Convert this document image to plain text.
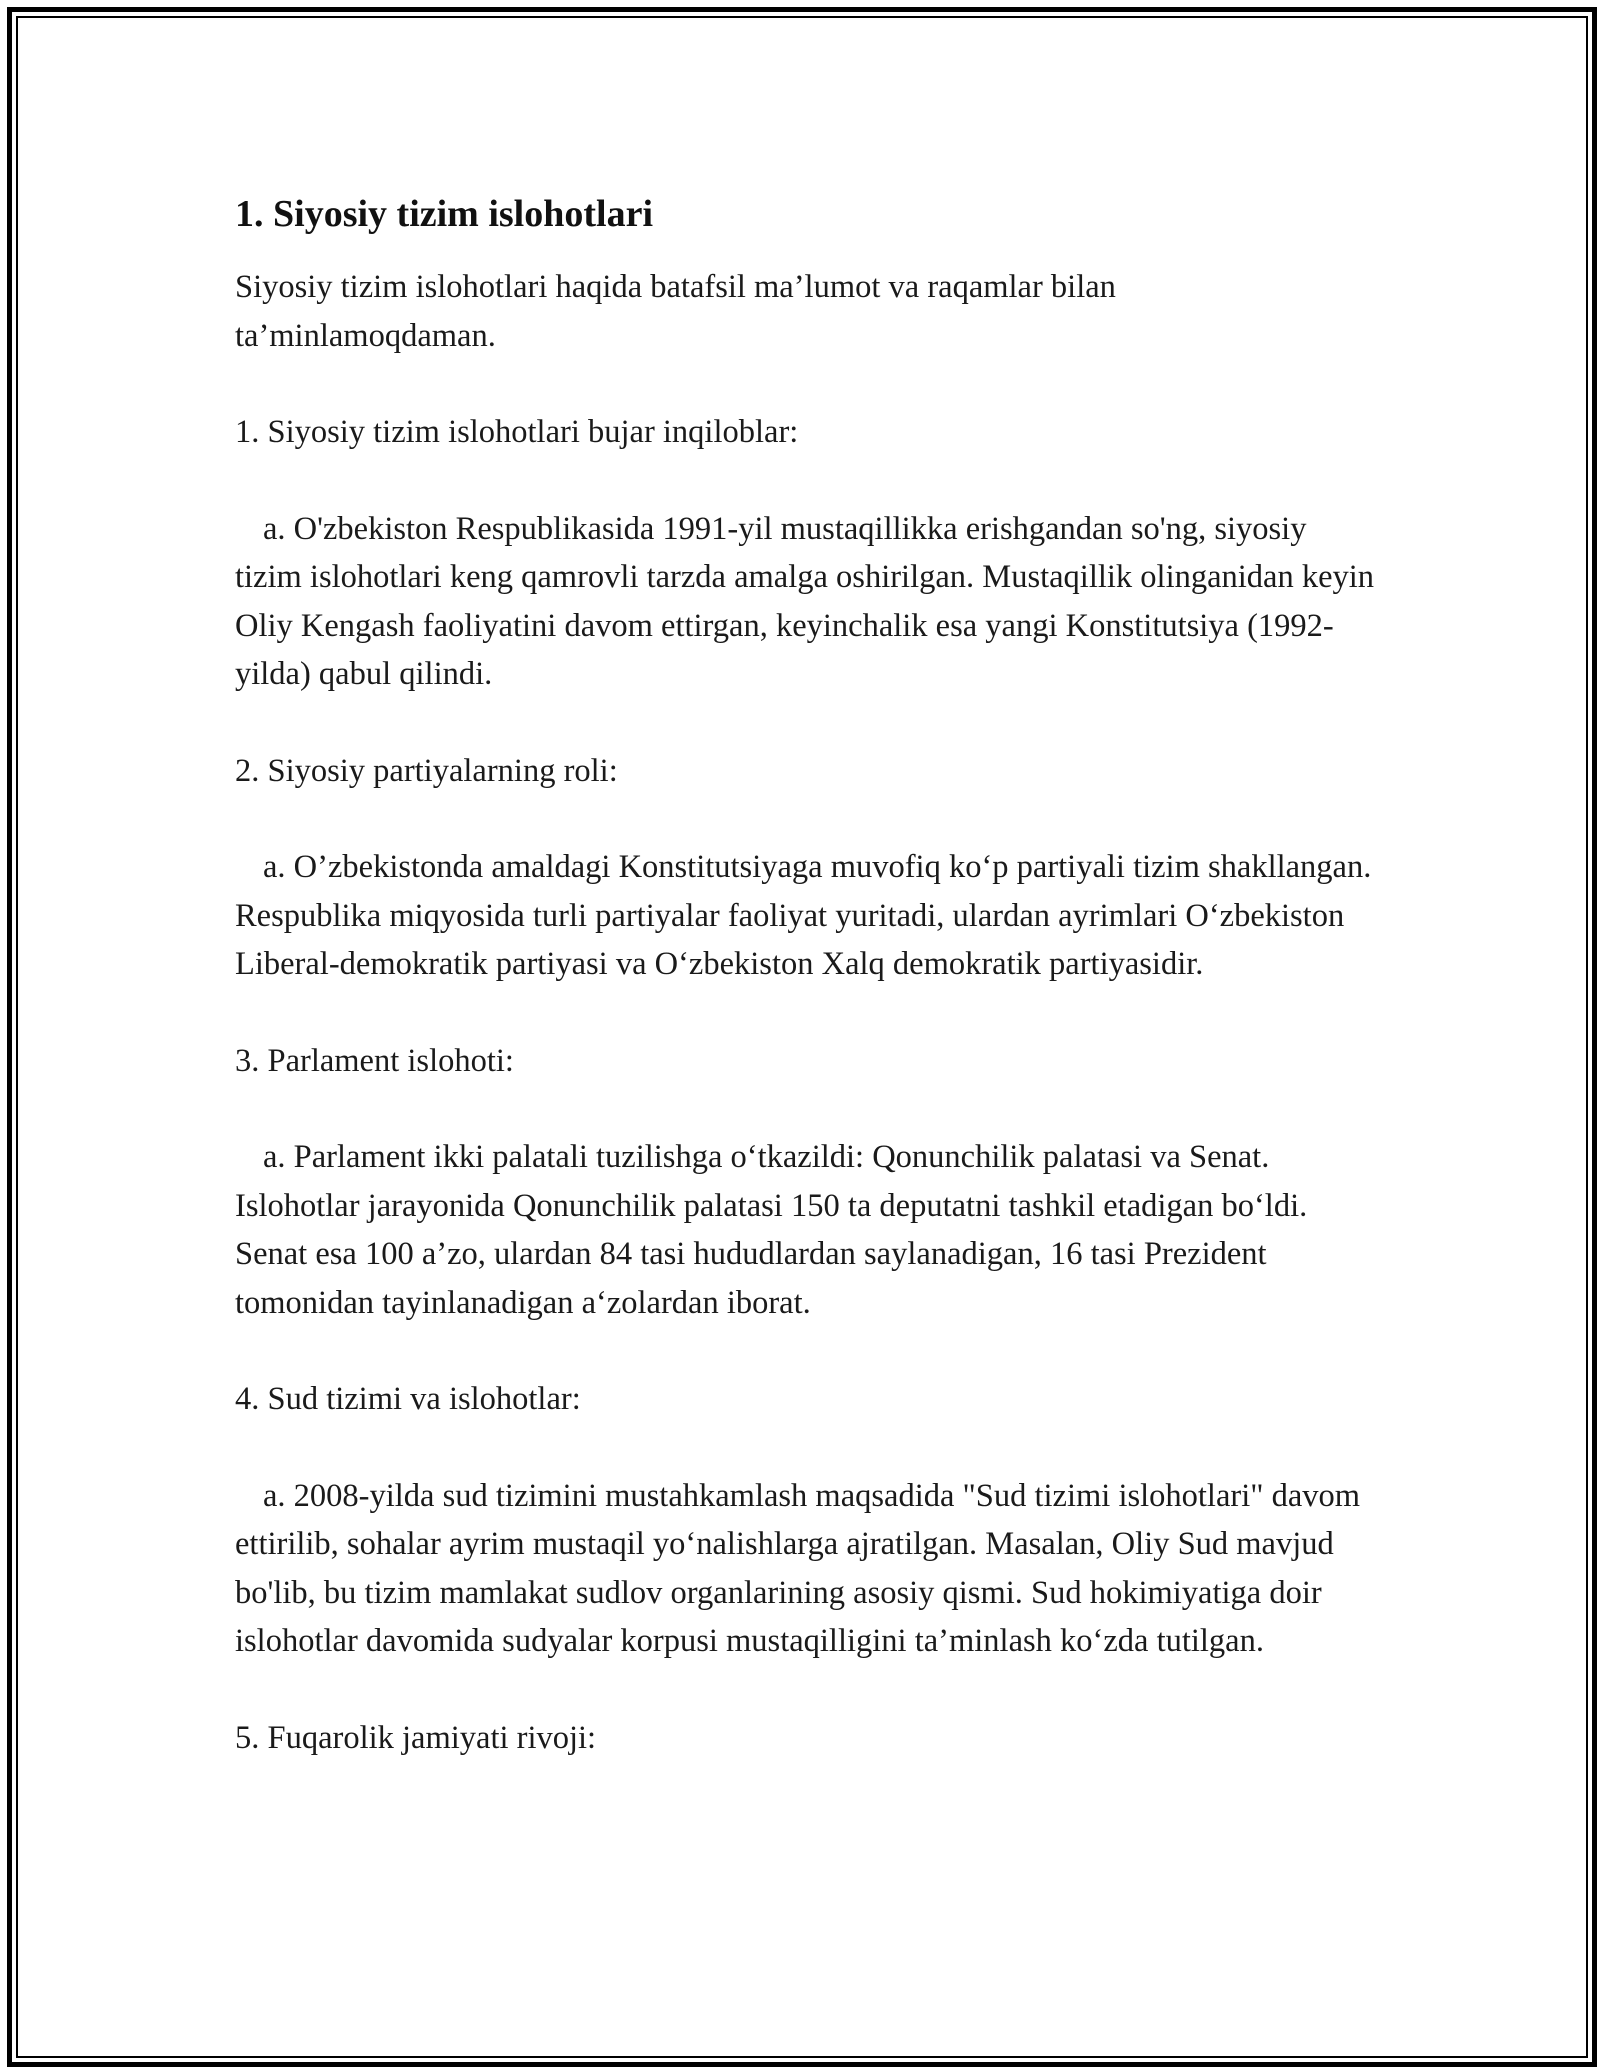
1. Siyosiy tizim islohotlari

Siyosiy tizim islohotlari haqida batafsil ma’lumot va raqamlar bilan ta’minlamoqdaman.

1. Siyosiy tizim islohotlari bujar inqiloblar:

a. O'zbekiston Respublikasida 1991-yil mustaqillikka erishgandan so'ng, siyosiy tizim islohotlari keng qamrovli tarzda amalga oshirilgan. Mustaqillik olinganidan keyin Oliy Kengash faoliyatini davom ettirgan, keyinchalik esa yangi Konstitutsiya (1992-yilda) qabul qilindi.

2. Siyosiy partiyalarning roli:

a. O’zbekistonda amaldagi Konstitutsiyaga muvofiq ko‘p partiyali tizim shakllangan. Respublika miqyosida turli partiyalar faoliyat yuritadi, ulardan ayrimlari O‘zbekiston Liberal-demokratik partiyasi va O‘zbekiston Xalq demokratik partiyasidir.

3. Parlament islohoti:

a. Parlament ikki palatali tuzilishga o‘tkazildi: Qonunchilik palatasi va Senat. Islohotlar jarayonida Qonunchilik palatasi 150 ta deputatni tashkil etadigan bo‘ldi. Senat esa 100 a’zo, ulardan 84 tasi hududlardan saylanadigan, 16 tasi Prezident tomonidan tayinlanadigan a‘zolardan iborat.

4. Sud tizimi va islohotlar:

a. 2008-yilda sud tizimini mustahkamlash maqsadida "Sud tizimi islohotlari" davom ettirilib, sohalar ayrim mustaqil yo‘nalishlarga ajratilgan. Masalan, Oliy Sud mavjud bo'lib, bu tizim mamlakat sudlov organlarining asosiy qismi. Sud hokimiyatiga doir islohotlar davomida sudyalar korpusi mustaqilligini ta’minlash ko‘zda tutilgan.

5. Fuqarolik jamiyati rivoji:
